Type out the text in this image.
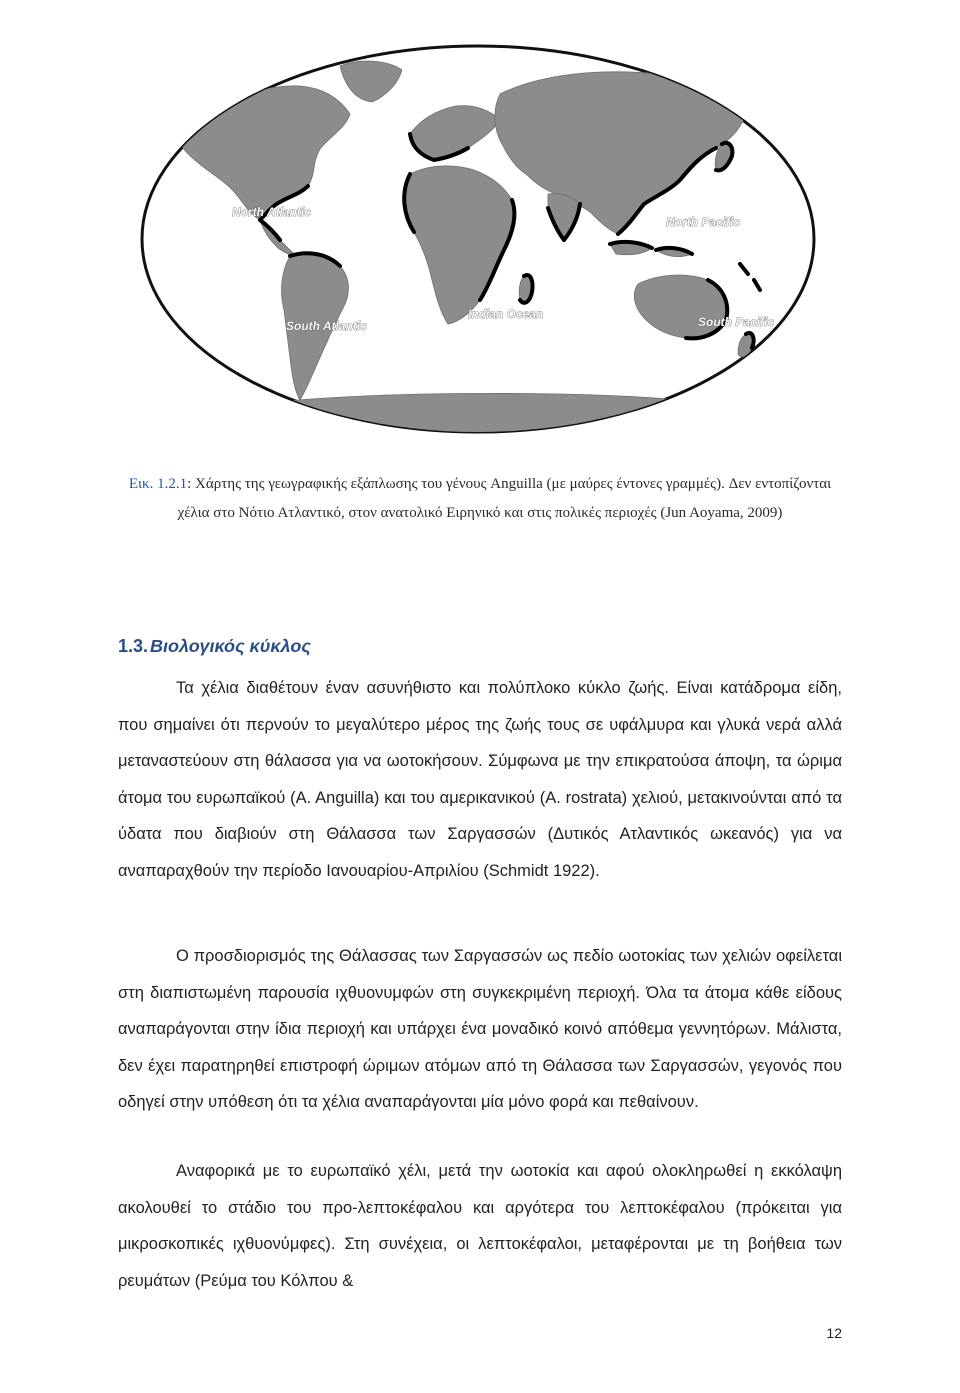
North Atlantic
North Pacific
South Atlantic
Indian Ocean
South Pacific
Εικ. 1.2.1: Χάρτης της γεωγραφικής εξάπλωσης του γένους Anguilla (με μαύρες έντονες γραμμές). Δεν εντοπίζονται χέλια στο Νότιο Ατλαντικό, στον ανατολικό Ειρηνικό και στις πολικές περιοχές (Jun Aoyama, 2009)
1.3. Βιολογικός κύκλος

Τα χέλια διαθέτουν έναν ασυνήθιστο και πολύπλοκο κύκλο ζωής. Είναι κατάδρομα είδη, που σημαίνει ότι περνούν το μεγαλύτερο μέρος της ζωής τους σε υφάλμυρα και γλυκά νερά αλλά μεταναστεύουν στη θάλασσα για να ωοτοκήσουν. Σύμφωνα με την επικρατούσα άποψη, τα ώριμα άτομα του ευρωπαϊκού (A. Anguilla) και του αμερικανικού (A. rostrata) χελιού, μετακινούνται από τα ύδατα που διαβιούν στη Θάλασσα των Σαργασσών (Δυτικός Ατλαντικός ωκεανός) για να αναπαραχθούν την περίοδο Ιανουαρίου-Απριλίου (Schmidt 1922).

Ο προσδιορισμός της Θάλασσας των Σαργασσών ως πεδίο ωοτοκίας των χελιών οφείλεται στη διαπιστωμένη παρουσία ιχθυονυμφών στη συγκεκριμένη περιοχή. Όλα τα άτομα κάθε είδους αναπαράγονται στην ίδια περιοχή και υπάρχει ένα μοναδικό κοινό απόθεμα γεννητόρων. Μάλιστα, δεν έχει παρατηρηθεί επιστροφή ώριμων ατόμων από τη Θάλασσα των Σαργασσών, γεγονός που οδηγεί στην υπόθεση ότι τα χέλια αναπαράγονται μία μόνο φορά και πεθαίνουν.

Αναφορικά με το ευρωπαϊκό χέλι, μετά την ωοτοκία και αφού ολοκληρωθεί η εκκόλαψη ακολουθεί το στάδιο του προ-λεπτοκέφαλου και αργότερα του λεπτοκέφαλου (πρόκειται για μικροσκοπικές ιχθυονύμφες). Στη συνέχεια, οι λεπτοκέφαλοι, μεταφέρονται με τη βοήθεια των ρευμάτων (Ρεύμα του Κόλπου &

12
